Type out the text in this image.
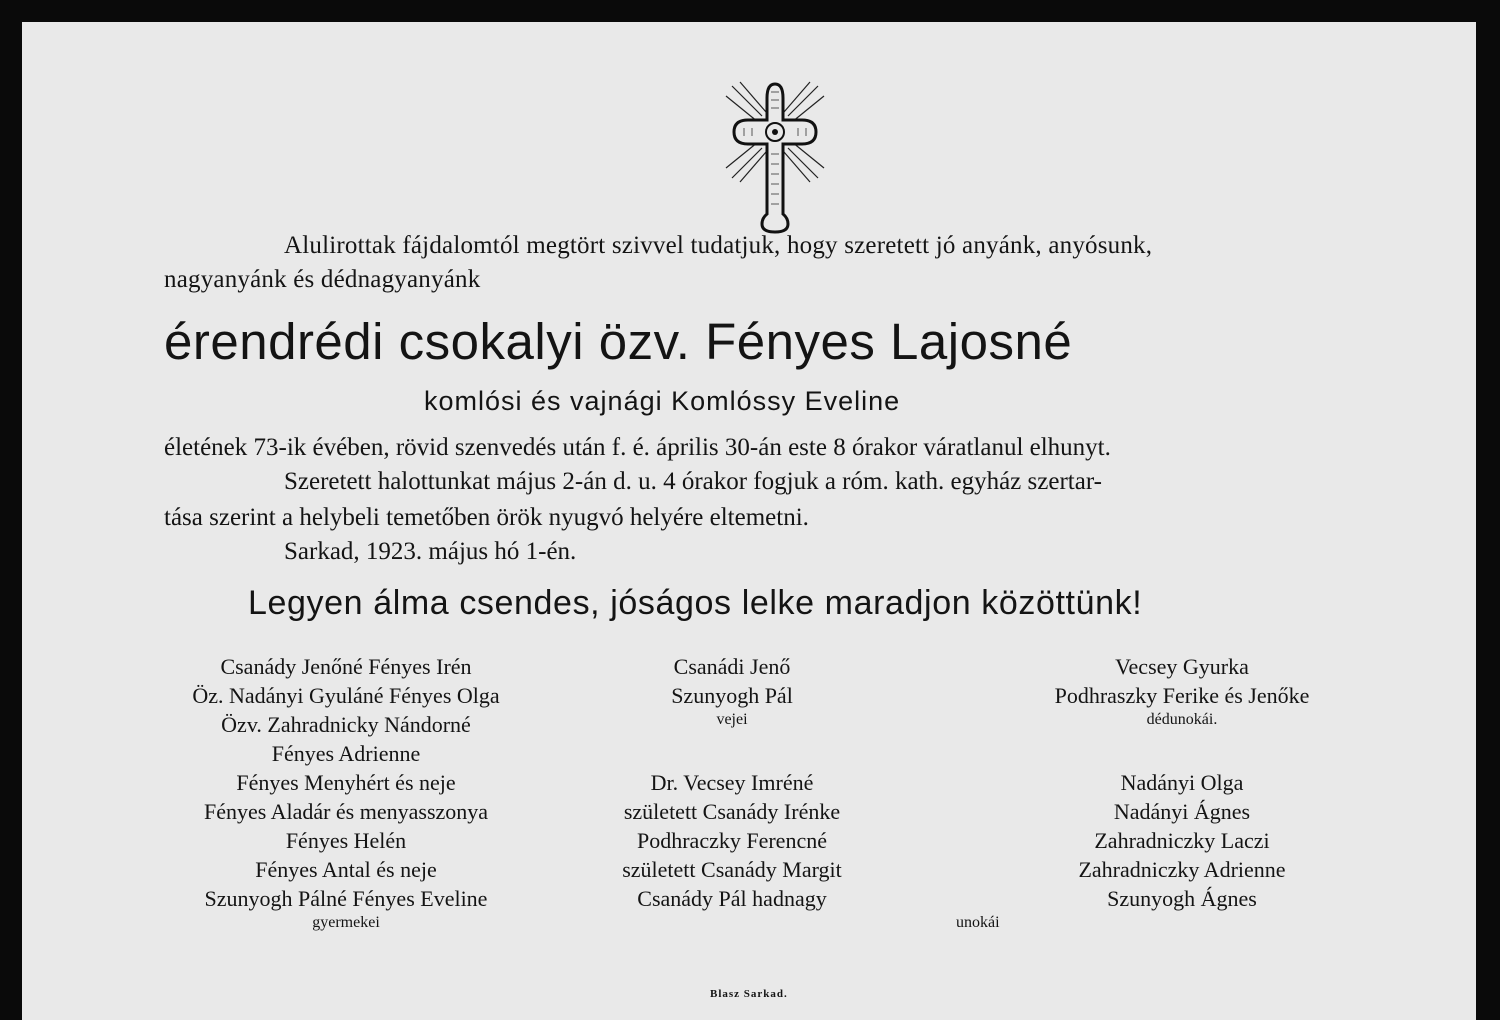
Alulirottak fájdalomtól megtört szivvel tudatjuk, hogy szeretett jó anyánk, anyósunk,
nagyanyánk és dédnagyanyánk
érendrédi csokalyi özv. Fényes Lajosné
komlósi és vajnági Komlóssy Eveline
életének 73-ik évében, rövid szenvedés után f. é. április 30-án este 8 órakor váratlanul elhunyt.
Szeretett halottunkat május 2-án d. u. 4 órakor fogjuk a róm. kath. egyház szertar-
tása szerint a helybeli temetőben örök nyugvó helyére eltemetni.
Sarkad, 1923. május hó 1-én.
Legyen álma csendes, jóságos lelke maradjon közöttünk!
Csanády Jenőné Fényes Irén
Öz. Nadányi Gyuláné Fényes Olga
Özv. Zahradnicky Nándorné
Fényes Adrienne
Fényes Menyhért és neje
Fényes Aladár és menyasszonya
Fényes Helén
Fényes Antal és neje
Szunyogh Pálné Fényes Eveline
gyermekei
Csanádi Jenő
Szunyogh Pál
vejei
Vecsey Gyurka
Podhraszky Ferike és Jenőke
dédunokái.
Dr. Vecsey Imréné
született Csanády Irénke
Podhraczky Ferencné
született Csanády Margit
Csanády Pál hadnagy
Nadányi Olga
Nadányi Ágnes
Zahradniczky Laczi
Zahradniczky Adrienne
Szunyogh Ágnes
unokái
Blasz Sarkad.
